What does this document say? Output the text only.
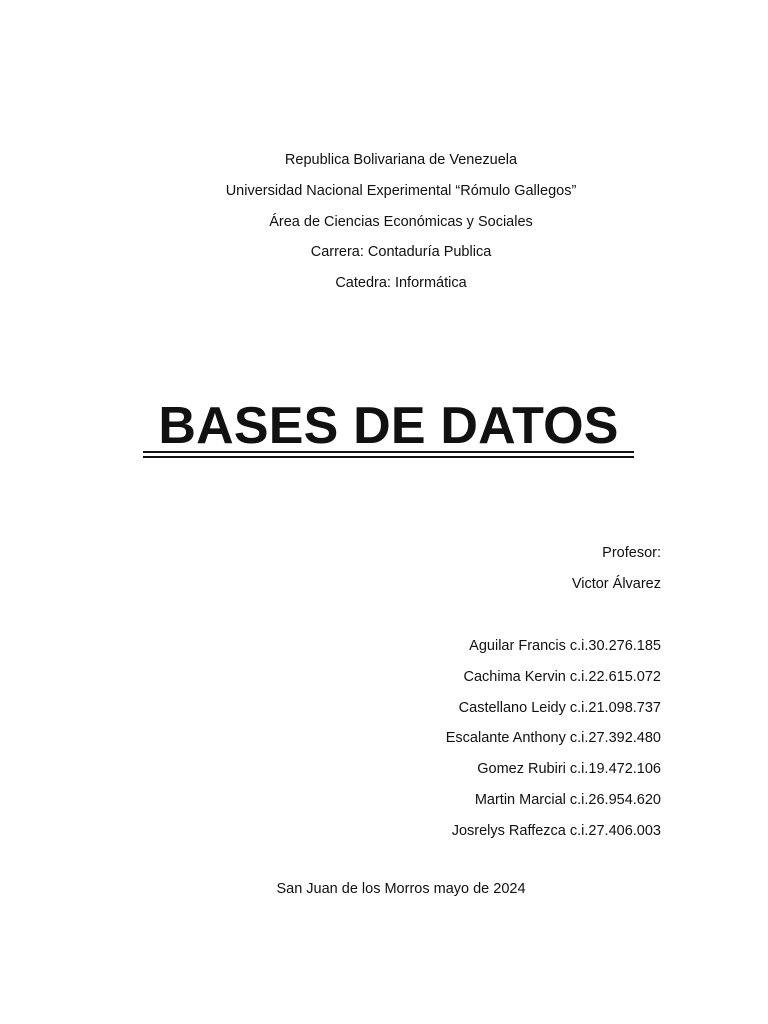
Republica Bolivariana de Venezuela
Universidad Nacional Experimental “Rómulo Gallegos”
Área de Ciencias Económicas y Sociales
Carrera: Contaduría Publica
Catedra: Informática
BASES DE DATOS
Profesor:
Victor Álvarez
Aguilar Francis c.i.30.276.185
Cachima Kervin c.i.22.615.072
Castellano Leidy c.i.21.098.737
Escalante Anthony c.i.27.392.480
Gomez Rubiri c.i.19.472.106
Martin Marcial c.i.26.954.620
Josrelys Raffezca c.i.27.406.003
San Juan de los Morros mayo de 2024
